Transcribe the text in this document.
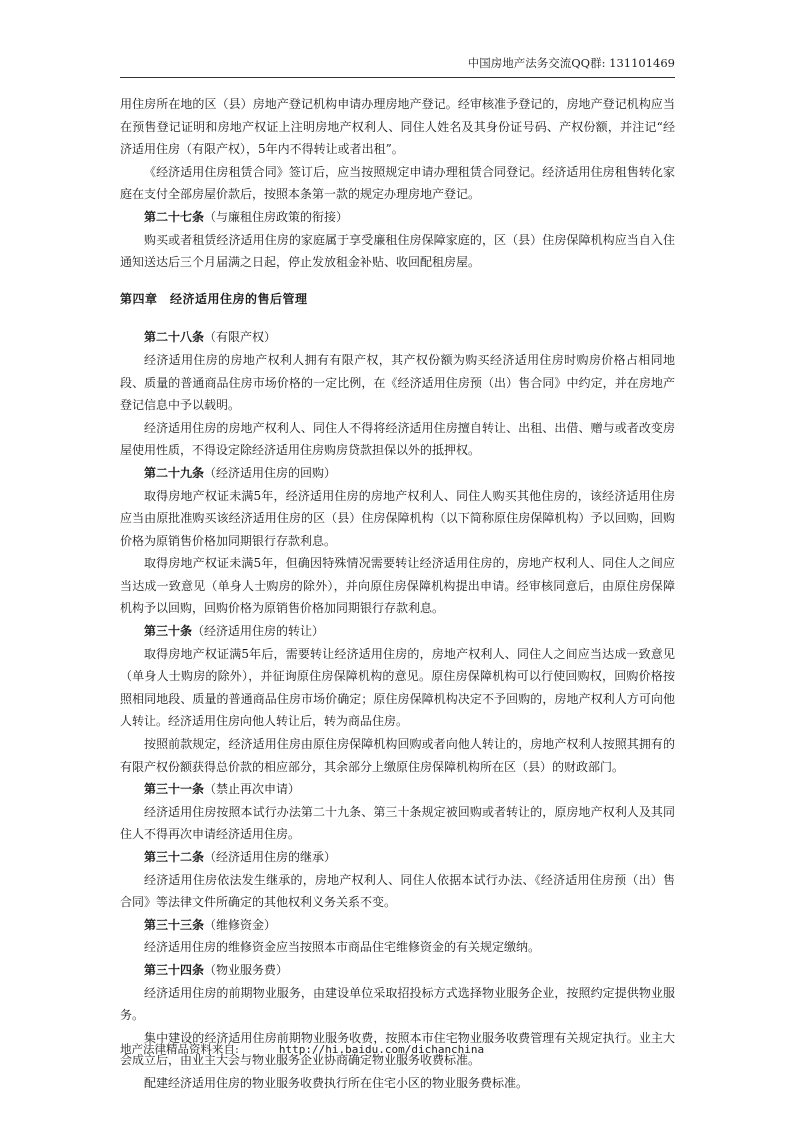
中国房地产法务交流QQ群: 131101469

用住房所在地的区（县）房地产登记机构申请办理房地产登记。经审核准予登记的，房地产登记机构应当在预售登记证明和房地产权证上注明房地产权利人、同住人姓名及其身份证号码、产权份额，并注记“经济适用住房（有限产权），5年内不得转让或者出租”。

《经济适用住房租赁合同》签订后，应当按照规定申请办理租赁合同登记。经济适用住房租售转化家庭在支付全部房屋价款后，按照本条第一款的规定办理房地产登记。

第二十七条（与廉租住房政策的衔接）

购买或者租赁经济适用住房的家庭属于享受廉租住房保障家庭的，区（县）住房保障机构应当自入住通知送达后三个月届满之日起，停止发放租金补贴、收回配租房屋。

第四章　经济适用住房的售后管理

第二十八条（有限产权）

经济适用住房的房地产权利人拥有有限产权，其产权份额为购买经济适用住房时购房价格占相同地段、质量的普通商品住房市场价格的一定比例，在《经济适用住房预（出）售合同》中约定，并在房地产登记信息中予以载明。

经济适用住房的房地产权利人、同住人不得将经济适用住房擅自转让、出租、出借、赠与或者改变房屋使用性质，不得设定除经济适用住房购房贷款担保以外的抵押权。

第二十九条（经济适用住房的回购）

取得房地产权证未满5年，经济适用住房的房地产权利人、同住人购买其他住房的，该经济适用住房应当由原批准购买该经济适用住房的区（县）住房保障机构（以下简称原住房保障机构）予以回购，回购价格为原销售价格加同期银行存款利息。

取得房地产权证未满5年，但确因特殊情况需要转让经济适用住房的，房地产权利人、同住人之间应当达成一致意见（单身人士购房的除外），并向原住房保障机构提出申请。经审核同意后，由原住房保障机构予以回购，回购价格为原销售价格加同期银行存款利息。

第三十条（经济适用住房的转让）

取得房地产权证满5年后，需要转让经济适用住房的，房地产权利人、同住人之间应当达成一致意见（单身人士购房的除外），并征询原住房保障机构的意见。原住房保障机构可以行使回购权，回购价格按照相同地段、质量的普通商品住房市场价确定；原住房保障机构决定不予回购的，房地产权利人方可向他人转让。经济适用住房向他人转让后，转为商品住房。

按照前款规定，经济适用住房由原住房保障机构回购或者向他人转让的，房地产权利人按照其拥有的有限产权份额获得总价款的相应部分，其余部分上缴原住房保障机构所在区（县）的财政部门。

第三十一条（禁止再次申请）

经济适用住房按照本试行办法第二十九条、第三十条规定被回购或者转让的，原房地产权利人及其同住人不得再次申请经济适用住房。

第三十二条（经济适用住房的继承）

经济适用住房依法发生继承的，房地产权利人、同住人依据本试行办法、《经济适用住房预（出）售合同》等法律文件所确定的其他权利义务关系不变。

第三十三条（维修资金）

经济适用住房的维修资金应当按照本市商品住宅维修资金的有关规定缴纳。

第三十四条（物业服务费）

经济适用住房的前期物业服务，由建设单位采取招投标方式选择物业服务企业，按照约定提供物业服务。

集中建设的经济适用住房前期物业服务收费，按照本市住宅物业服务收费管理有关规定执行。业主大会成立后，由业主大会与物业服务企业协商确定物业服务收费标准。

配建经济适用住房的物业服务收费执行所在住宅小区的物业服务费标准。

地产法律精品资料来自:	http://hi.baidu.com/dichanchina
